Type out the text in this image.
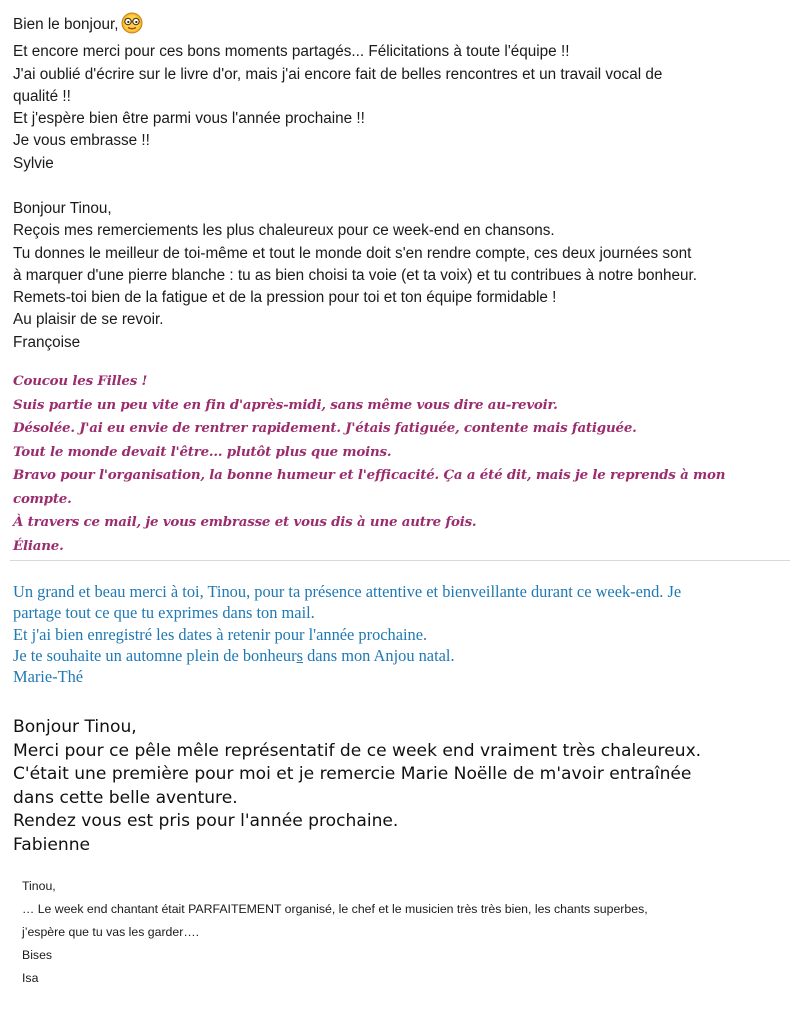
Bien le bonjour,

Et encore merci pour ces bons moments partagés... Félicitations à toute l'équipe !!

J'ai oublié d'écrire sur le livre d'or, mais j'ai encore fait de belles rencontres et un travail vocal de

qualité !!

Et j'espère bien être parmi vous l'année prochaine !!

Je vous embrasse !!

Sylvie

Bonjour Tinou,

Reçois mes remerciements les plus chaleureux pour ce week-end en chansons.

Tu donnes le meilleur de toi-même et tout le monde doit s'en rendre compte, ces deux journées sont

à marquer d'une pierre blanche : tu as bien choisi ta voie (et ta voix) et tu contribues à notre bonheur.

Remets-toi bien de la fatigue et de la pression pour toi et ton équipe formidable !

Au plaisir de se revoir.

Françoise

Coucou les Filles !

Suis partie un peu vite en fin d'après-midi, sans même vous dire au-revoir.

Désolée. J'ai eu envie de rentrer rapidement. J'étais fatiguée, contente mais fatiguée.

Tout le monde devait l'être... plutôt plus que moins.

Bravo pour l'organisation, la bonne humeur et l'efficacité. Ça a été dit, mais je le reprends à mon

compte.

À travers ce mail, je vous embrasse et vous dis à une autre fois.

Éliane.

Un grand et beau merci à toi, Tinou, pour ta présence attentive et bienveillante durant ce week-end. Je

partage tout ce que tu exprimes dans ton mail.

Et j'ai bien enregistré les dates à retenir pour l'année prochaine.

Je te souhaite un automne plein de bonheurs dans mon Anjou natal.

Marie-Thé

Bonjour Tinou,

Merci pour ce pêle mêle représentatif de ce week end vraiment très chaleureux.

C'était une première pour moi et je remercie Marie Noëlle de m'avoir entraînée

dans cette belle aventure.

Rendez vous est pris pour l'année prochaine.

Fabienne

Tinou,

… Le week end chantant était PARFAITEMENT organisé, le chef et le musicien très très bien, les chants superbes,

j’espère que tu vas les garder….

Bises

Isa
